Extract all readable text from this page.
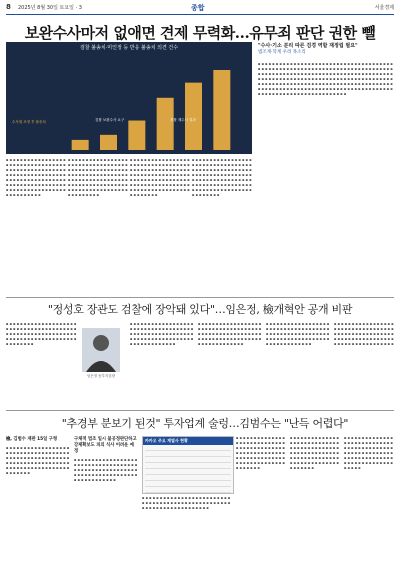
8 2025년 8월 30일 토요일 · 3	종합	서울경제
보완수사마저 없애면 견제 무력화…유무죄 판단 권한 뺄
검찰 불송치·미인정 등 반응 불송치 의견 건수
수사권 조정 후 불송치	검찰 보완수사 요구	경찰 재수사 결과
"수사·기소 분리 따른 검경 역할 재정립 필요"
법조계·학계 우려 목소리

▪ ▪ ▪ ▪ ▪ ▪ ▪ ▪ ▪ ▪ ▪ ▪ ▪ ▪ ▪ ▪ ▪ ▪ ▪ ▪ ▪ ▪ ▪ ▪ ▪ ▪ ▪ ▪ ▪ ▪ ▪ ▪ ▪ ▪ ▪ ▪ ▪ ▪ ▪ ▪ ▪ ▪ ▪ ▪ ▪ ▪ ▪ ▪ ▪ ▪ ▪ ▪ ▪ ▪ ▪ ▪ ▪ ▪ ▪ ▪ ▪ ▪ ▪ ▪ ▪ ▪ ▪ ▪ ▪ ▪ ▪ ▪ ▪ ▪ ▪ ▪ ▪ ▪ ▪ ▪ ▪ ▪ ▪ ▪ ▪ ▪ ▪ ▪ ▪ ▪ ▪ ▪ ▪ ▪ ▪ ▪ ▪ ▪ ▪ ▪ ▪ ▪ ▪ ▪ ▪ ▪ ▪ ▪ ▪ ▪ ▪ ▪ ▪ ▪ ▪ ▪ ▪ ▪ ▪ ▪ ▪ ▪ ▪ ▪ ▪ ▪ ▪ ▪ ▪ ▪ ▪ ▪ ▪ ▪ ▪ ▪ ▪ ▪ ▪ ▪ ▪ ▪ ▪ ▪ ▪ ▪ ▪ ▪ ▪ ▪ ▪ ▪ ▪ ▪ ▪ ▪ ▪ ▪ ▪ ▪ ▪ ▪ ▪ ▪ ▪ ▪ ▪ ▪ ▪ ▪ ▪ ▪ ▪ ▪ ▪ ▪ ▪ ▪ ▪ ▪ ▪ ▪ ▪ ▪ ▪ ▪ ▪ ▪ ▪ ▪ ▪ ▪ ▪ ▪ ▪ ▪ ▪ ▪ ▪ ▪ ▪ ▪ ▪ ▪ ▪ ▪ ▪ ▪ ▪ ▪ ▪ ▪ ▪ ▪ ▪ ▪ ▪ ▪ ▪ ▪ ▪ ▪ ▪ ▪ ▪ ▪ ▪ ▪ ▪ ▪ ▪ ▪ ▪ ▪ ▪ ▪ ▪ ▪ ▪ ▪ ▪ ▪ ▪ ▪ ▪ ▪ ▪ ▪ ▪ ▪ ▪ ▪ ▪

▪ ▪ ▪ ▪ ▪ ▪ ▪ ▪ ▪ ▪ ▪ ▪ ▪ ▪ ▪ ▪ ▪ ▪ ▪ ▪ ▪ ▪ ▪ ▪ ▪ ▪ ▪ ▪ ▪ ▪ ▪ ▪ ▪ ▪ ▪ ▪ ▪ ▪ ▪ ▪ ▪ ▪ ▪ ▪ ▪ ▪ ▪ ▪ ▪ ▪ ▪ ▪ ▪ ▪ ▪ ▪ ▪ ▪ ▪ ▪ ▪ ▪ ▪ ▪ ▪ ▪ ▪ ▪ ▪ ▪ ▪ ▪ ▪ ▪ ▪ ▪ ▪ ▪ ▪ ▪ ▪ ▪ ▪ ▪ ▪ ▪ ▪ ▪ ▪ ▪ ▪ ▪ ▪ ▪ ▪ ▪ ▪ ▪ ▪ ▪ ▪ ▪ ▪ ▪ ▪ ▪ ▪ ▪ ▪ ▪ ▪ ▪ ▪ ▪ ▪ ▪ ▪ ▪ ▪ ▪ ▪ ▪ ▪ ▪ ▪ ▪ ▪ ▪ ▪

▪ ▪ ▪ ▪ ▪ ▪ ▪ ▪ ▪ ▪ ▪ ▪ ▪ ▪ ▪ ▪ ▪ ▪ ▪ ▪ ▪ ▪ ▪ ▪ ▪ ▪ ▪ ▪ ▪ ▪ ▪ ▪ ▪ ▪ ▪ ▪ ▪ ▪ ▪ ▪ ▪ ▪ ▪ ▪ ▪ ▪ ▪ ▪ ▪ ▪ ▪ ▪ ▪ ▪ ▪ ▪ ▪ ▪ ▪ ▪ ▪ ▪ ▪ ▪ ▪ ▪ ▪ ▪ ▪ ▪ ▪ ▪ ▪ ▪ ▪ ▪ ▪ ▪ ▪ ▪ ▪ ▪ ▪ ▪ ▪ ▪ ▪ ▪ ▪ ▪ ▪ ▪ ▪ ▪ ▪ ▪ ▪ ▪ ▪ ▪ ▪ ▪ ▪ ▪ ▪ ▪ ▪ ▪ ▪ ▪ ▪ ▪ ▪ ▪ ▪ ▪ ▪ ▪ ▪ ▪ ▪ ▪ ▪ ▪ ▪ ▪ ▪ ▪

▪ ▪ ▪ ▪ ▪ ▪ ▪ ▪ ▪ ▪ ▪ ▪ ▪ ▪ ▪ ▪ ▪ ▪ ▪ ▪ ▪ ▪ ▪ ▪ ▪ ▪ ▪ ▪ ▪ ▪ ▪ ▪ ▪ ▪ ▪ ▪ ▪ ▪ ▪ ▪ ▪ ▪ ▪ ▪ ▪ ▪ ▪ ▪ ▪ ▪ ▪ ▪ ▪ ▪ ▪ ▪ ▪ ▪ ▪ ▪ ▪ ▪ ▪ ▪ ▪ ▪ ▪ ▪ ▪ ▪ ▪ ▪ ▪ ▪ ▪ ▪ ▪ ▪ ▪ ▪ ▪ ▪ ▪ ▪ ▪ ▪ ▪ ▪ ▪ ▪ ▪ ▪ ▪ ▪ ▪ ▪ ▪ ▪ ▪ ▪ ▪ ▪ ▪ ▪ ▪ ▪ ▪ ▪ ▪ ▪ ▪ ▪ ▪ ▪ ▪ ▪ ▪ ▪ ▪ ▪ ▪ ▪ ▪ ▪ ▪ ▪ ▪

▪ ▪ ▪ ▪ ▪ ▪ ▪ ▪ ▪ ▪ ▪ ▪ ▪ ▪ ▪ ▪ ▪ ▪ ▪ ▪ ▪ ▪ ▪ ▪ ▪ ▪ ▪ ▪ ▪ ▪ ▪ ▪ ▪ ▪ ▪ ▪ ▪ ▪ ▪ ▪ ▪ ▪ ▪ ▪ ▪ ▪ ▪ ▪ ▪ ▪ ▪ ▪ ▪ ▪ ▪ ▪ ▪ ▪ ▪ ▪ ▪ ▪ ▪ ▪ ▪ ▪ ▪ ▪ ▪ ▪ ▪ ▪ ▪ ▪ ▪ ▪ ▪ ▪ ▪ ▪ ▪ ▪ ▪ ▪ ▪ ▪ ▪ ▪ ▪ ▪ ▪ ▪ ▪ ▪ ▪ ▪ ▪ ▪ ▪ ▪ ▪ ▪ ▪ ▪ ▪ ▪ ▪ ▪ ▪ ▪ ▪ ▪ ▪ ▪ ▪ ▪ ▪ ▪ ▪ ▪ ▪ ▪ ▪ ▪ ▪ ▪ ▪

"정성호 장관도 검찰에 장악돼 있다"…임은정, 檢개혁안 공개 비판
임은정 동부지검장

▪ ▪ ▪ ▪ ▪ ▪ ▪ ▪ ▪ ▪ ▪ ▪ ▪ ▪ ▪ ▪ ▪ ▪ ▪ ▪ ▪ ▪ ▪ ▪ ▪ ▪ ▪ ▪ ▪ ▪ ▪ ▪ ▪ ▪ ▪ ▪ ▪ ▪ ▪ ▪ ▪ ▪ ▪ ▪ ▪ ▪ ▪ ▪ ▪ ▪ ▪ ▪ ▪ ▪ ▪ ▪ ▪ ▪ ▪ ▪ ▪ ▪ ▪ ▪ ▪ ▪ ▪ ▪ ▪ ▪ ▪ ▪ ▪ ▪ ▪ ▪ ▪ ▪ ▪ ▪ ▪ ▪ ▪ ▪ ▪ ▪ ▪ ▪

▪ ▪ ▪ ▪ ▪ ▪ ▪ ▪ ▪ ▪ ▪ ▪ ▪ ▪ ▪ ▪ ▪ ▪ ▪ ▪ ▪ ▪ ▪ ▪ ▪ ▪ ▪ ▪ ▪ ▪ ▪ ▪ ▪ ▪ ▪ ▪ ▪ ▪ ▪ ▪ ▪ ▪ ▪ ▪ ▪ ▪ ▪ ▪ ▪ ▪ ▪ ▪ ▪ ▪ ▪ ▪ ▪ ▪ ▪ ▪ ▪ ▪ ▪ ▪ ▪ ▪ ▪ ▪ ▪ ▪ ▪ ▪ ▪ ▪ ▪ ▪ ▪ ▪ ▪ ▪ ▪ ▪ ▪ ▪ ▪

▪ ▪ ▪ ▪ ▪ ▪ ▪ ▪ ▪ ▪ ▪ ▪ ▪ ▪ ▪ ▪ ▪ ▪ ▪ ▪ ▪ ▪ ▪ ▪ ▪ ▪ ▪ ▪ ▪ ▪ ▪ ▪ ▪ ▪ ▪ ▪ ▪ ▪ ▪ ▪ ▪ ▪ ▪ ▪ ▪ ▪ ▪ ▪ ▪ ▪ ▪ ▪ ▪ ▪ ▪ ▪ ▪ ▪ ▪ ▪ ▪ ▪ ▪ ▪ ▪ ▪ ▪ ▪ ▪ ▪ ▪ ▪ ▪ ▪ ▪ ▪ ▪ ▪ ▪ ▪ ▪ ▪ ▪ ▪ ▪

▪ ▪ ▪ ▪ ▪ ▪ ▪ ▪ ▪ ▪ ▪ ▪ ▪ ▪ ▪ ▪ ▪ ▪ ▪ ▪ ▪ ▪ ▪ ▪ ▪ ▪ ▪ ▪ ▪ ▪ ▪ ▪ ▪ ▪ ▪ ▪ ▪ ▪ ▪ ▪ ▪ ▪ ▪ ▪ ▪ ▪ ▪ ▪ ▪ ▪ ▪ ▪ ▪ ▪ ▪ ▪ ▪ ▪ ▪ ▪ ▪ ▪ ▪ ▪ ▪ ▪ ▪ ▪ ▪ ▪ ▪ ▪ ▪ ▪ ▪ ▪ ▪ ▪ ▪ ▪ ▪ ▪ ▪ ▪ ▪

▪ ▪ ▪ ▪ ▪ ▪ ▪ ▪ ▪ ▪ ▪ ▪ ▪ ▪ ▪ ▪ ▪ ▪ ▪ ▪ ▪ ▪ ▪ ▪ ▪ ▪ ▪ ▪ ▪ ▪ ▪ ▪ ▪ ▪ ▪ ▪ ▪ ▪ ▪ ▪ ▪ ▪ ▪ ▪ ▪ ▪ ▪ ▪ ▪ ▪ ▪ ▪ ▪ ▪ ▪ ▪ ▪ ▪ ▪ ▪ ▪ ▪ ▪ ▪ ▪ ▪ ▪ ▪ ▪ ▪ ▪ ▪ ▪ ▪ ▪ ▪ ▪ ▪ ▪ ▪ ▪ ▪ ▪ ▪ ▪

"추경부 분보기 된것" 투자업계 술렁…김범수는 "난득 어렵다"
檢, 김범수 재판 15일 구형	구체적 법조 일시 불공정판단하고 강제확보도 피의 식사 어려운 예정
카카오 주요 계열사 현황

▪ ▪ ▪ ▪ ▪ ▪ ▪ ▪ ▪ ▪ ▪ ▪ ▪ ▪ ▪ ▪ ▪ ▪ ▪ ▪ ▪ ▪ ▪ ▪ ▪ ▪ ▪ ▪ ▪ ▪ ▪ ▪ ▪ ▪ ▪ ▪ ▪ ▪ ▪ ▪ ▪ ▪ ▪ ▪ ▪ ▪ ▪ ▪ ▪ ▪ ▪ ▪ ▪ ▪ ▪ ▪ ▪ ▪ ▪ ▪ ▪ ▪ ▪ ▪ ▪ ▪ ▪ ▪ ▪ ▪ ▪ ▪ ▪ ▪ ▪ ▪ ▪ ▪ ▪ ▪ ▪ ▪ ▪ ▪ ▪ ▪ ▪ ▪ ▪ ▪ ▪ ▪ ▪ ▪ ▪ ▪ ▪

▪ ▪ ▪ ▪ ▪ ▪ ▪ ▪ ▪ ▪ ▪ ▪ ▪ ▪ ▪ ▪ ▪ ▪ ▪ ▪ ▪ ▪ ▪ ▪ ▪ ▪ ▪ ▪ ▪ ▪ ▪ ▪ ▪ ▪ ▪ ▪ ▪ ▪ ▪ ▪ ▪ ▪ ▪ ▪ ▪ ▪ ▪ ▪ ▪ ▪ ▪ ▪ ▪ ▪ ▪ ▪ ▪ ▪ ▪ ▪ ▪ ▪ ▪ ▪ ▪ ▪ ▪ ▪ ▪ ▪ ▪ ▪ ▪ ▪ ▪ ▪ ▪ ▪ ▪ ▪ ▪ ▪ ▪ ▪

▪ ▪ ▪ ▪ ▪ ▪ ▪ ▪ ▪ ▪ ▪ ▪ ▪ ▪ ▪ ▪ ▪ ▪ ▪ ▪ ▪ ▪ ▪ ▪ ▪ ▪ ▪ ▪ ▪ ▪ ▪ ▪ ▪ ▪ ▪ ▪ ▪ ▪ ▪ ▪ ▪ ▪ ▪ ▪ ▪ ▪ ▪ ▪ ▪ ▪ ▪ ▪ ▪ ▪ ▪ ▪ ▪ ▪ ▪ ▪ ▪ ▪ ▪ ▪ ▪ ▪ ▪ ▪ ▪

▪ ▪ ▪ ▪ ▪ ▪ ▪ ▪ ▪ ▪ ▪ ▪ ▪ ▪ ▪ ▪ ▪ ▪ ▪ ▪ ▪ ▪ ▪ ▪ ▪ ▪ ▪ ▪ ▪ ▪ ▪ ▪ ▪ ▪ ▪ ▪ ▪ ▪ ▪ ▪ ▪ ▪ ▪ ▪ ▪ ▪ ▪ ▪ ▪ ▪ ▪ ▪ ▪ ▪ ▪ ▪ ▪ ▪ ▪ ▪ ▪ ▪ ▪ ▪ ▪ ▪ ▪ ▪ ▪ ▪ ▪ ▪ ▪ ▪ ▪ ▪ ▪ ▪ ▪ ▪ ▪ ▪ ▪ ▪ ▪ ▪ ▪ ▪ ▪ ▪ ▪

▪ ▪ ▪ ▪ ▪ ▪ ▪ ▪ ▪ ▪ ▪ ▪ ▪ ▪ ▪ ▪ ▪ ▪ ▪ ▪ ▪ ▪ ▪ ▪ ▪ ▪ ▪ ▪ ▪ ▪ ▪ ▪ ▪ ▪ ▪ ▪ ▪ ▪ ▪ ▪ ▪ ▪ ▪ ▪ ▪ ▪ ▪ ▪ ▪ ▪ ▪ ▪ ▪ ▪ ▪ ▪ ▪ ▪ ▪ ▪ ▪ ▪ ▪ ▪ ▪ ▪ ▪ ▪ ▪ ▪ ▪ ▪ ▪ ▪ ▪ ▪ ▪ ▪ ▪ ▪ ▪ ▪ ▪ ▪ ▪ ▪ ▪ ▪ ▪ ▪ ▪

▪ ▪ ▪ ▪ ▪ ▪ ▪ ▪ ▪ ▪ ▪ ▪ ▪ ▪ ▪ ▪ ▪ ▪ ▪ ▪ ▪ ▪ ▪ ▪ ▪ ▪ ▪ ▪ ▪ ▪ ▪ ▪ ▪ ▪ ▪ ▪ ▪ ▪ ▪ ▪ ▪ ▪ ▪ ▪ ▪ ▪ ▪ ▪ ▪ ▪ ▪ ▪ ▪ ▪ ▪ ▪ ▪ ▪ ▪ ▪ ▪ ▪ ▪ ▪ ▪ ▪ ▪ ▪ ▪ ▪ ▪ ▪ ▪ ▪ ▪ ▪ ▪ ▪ ▪ ▪ ▪ ▪ ▪ ▪ ▪ ▪ ▪ ▪ ▪
